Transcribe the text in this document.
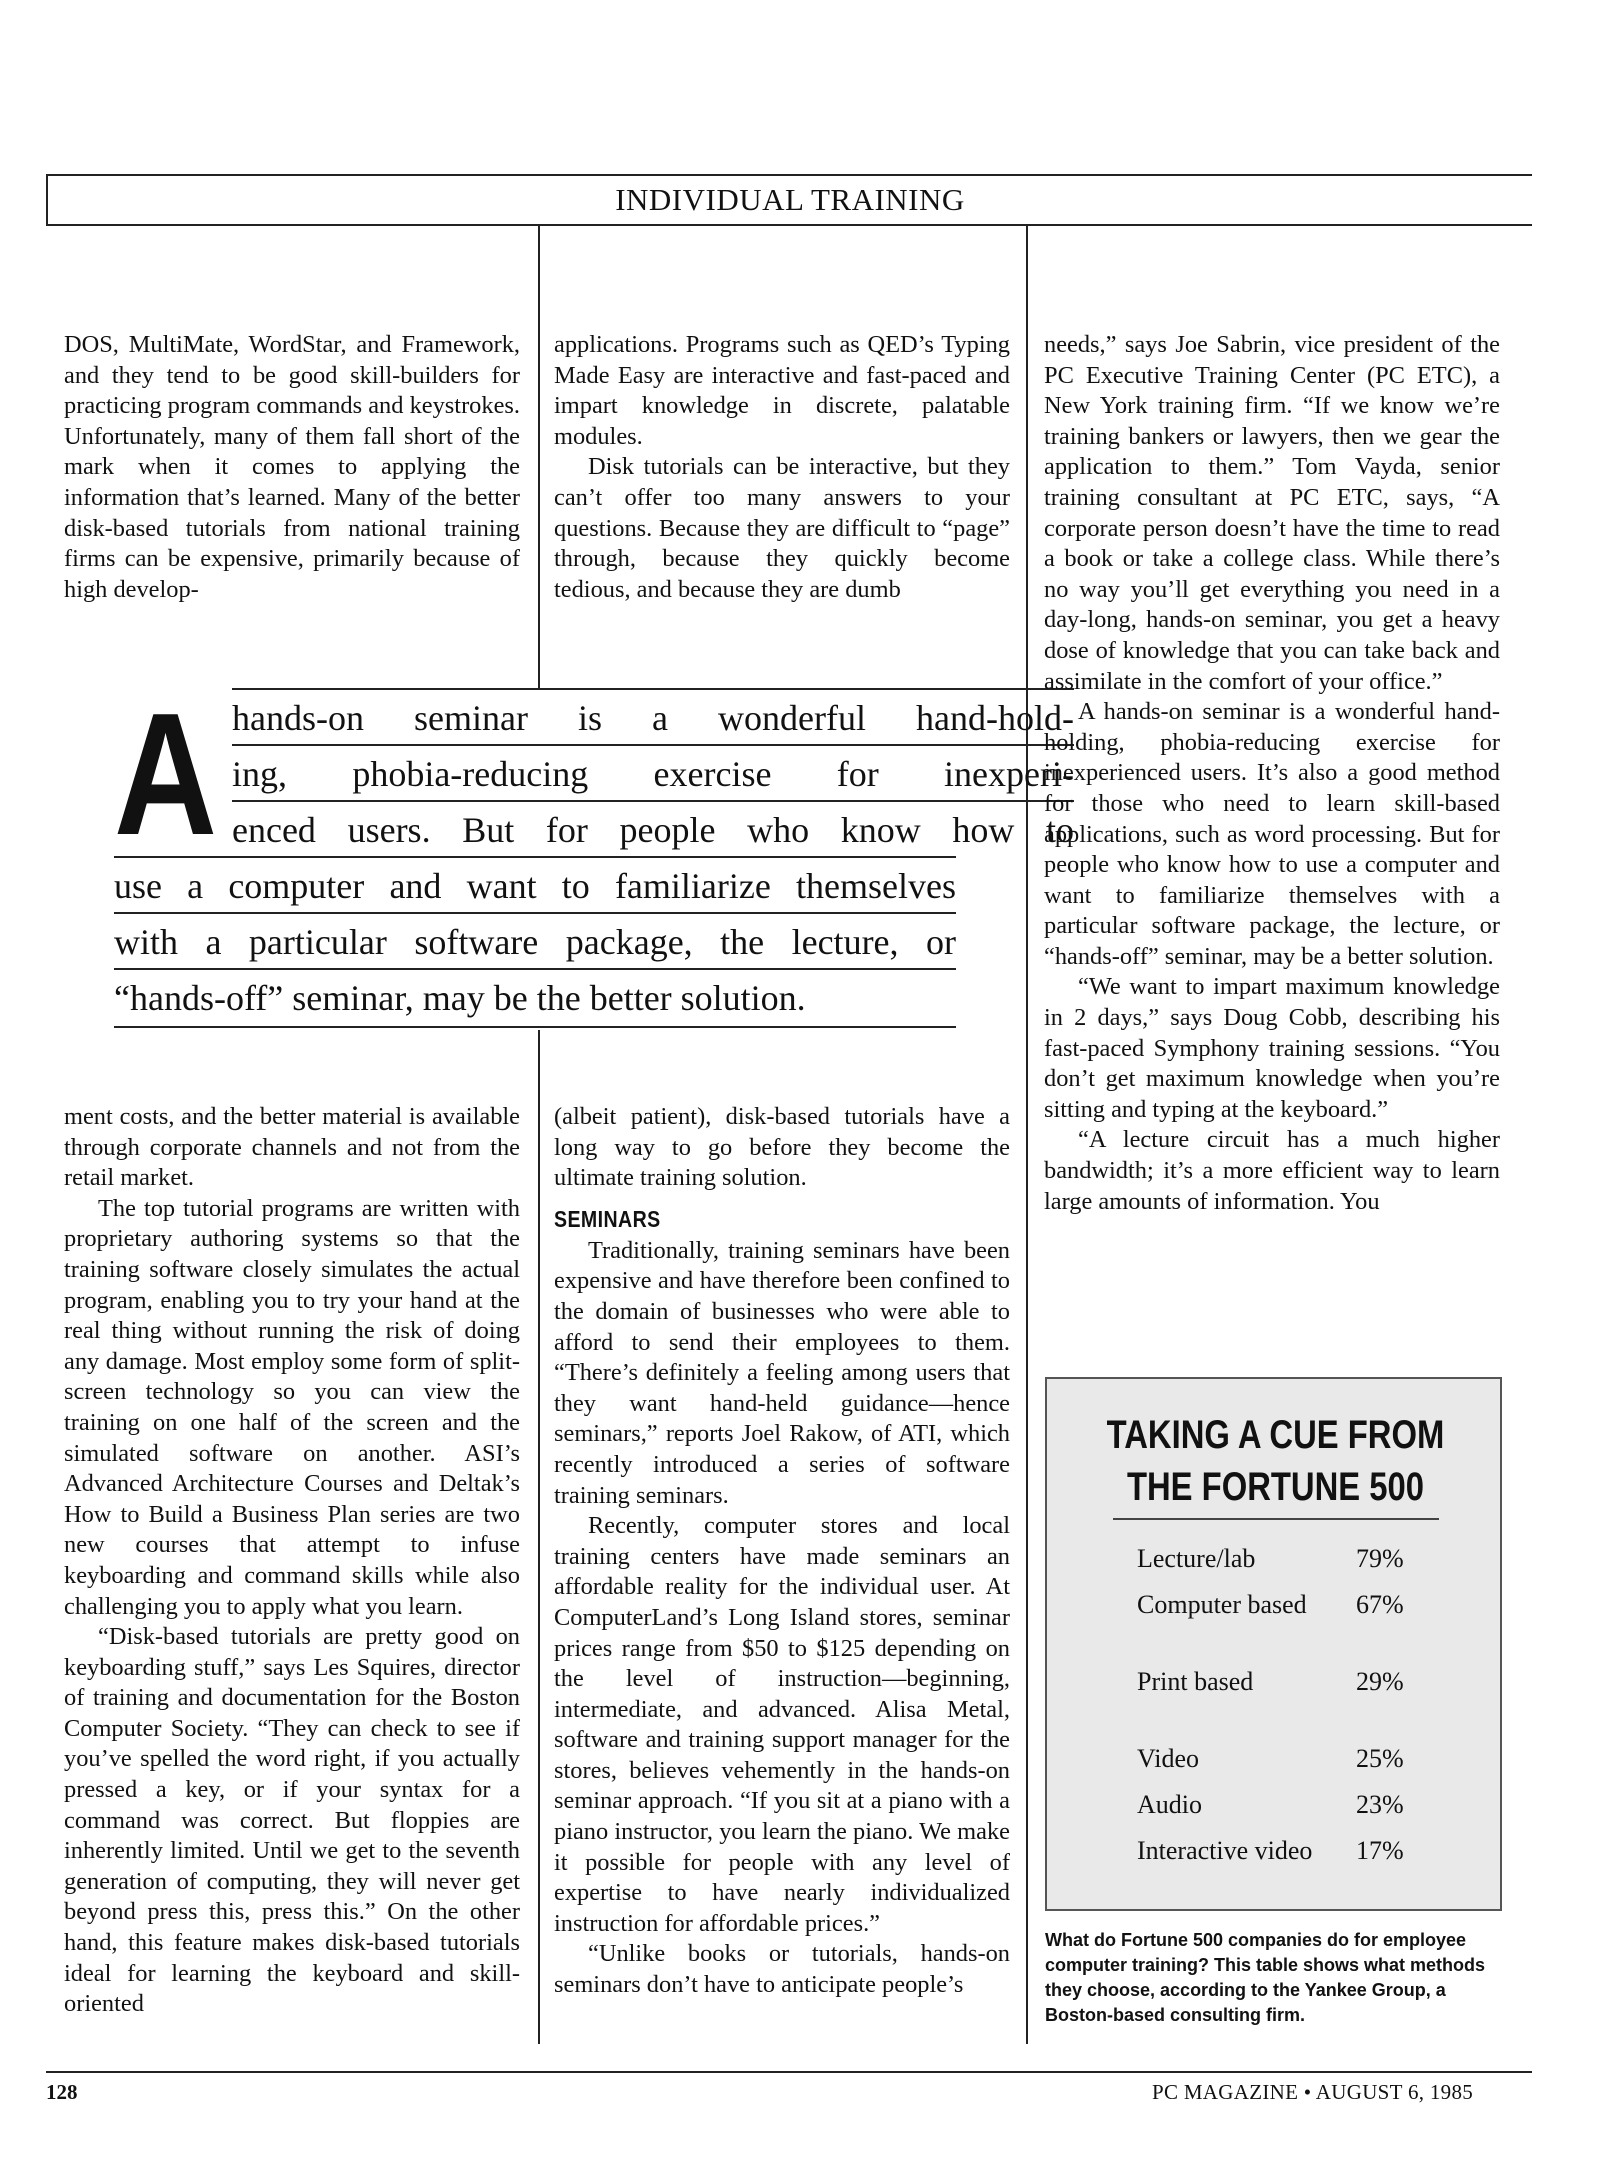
INDIVIDUAL TRAINING

DOS, MultiMate, WordStar, and Framework, and they tend to be good skill-builders for practicing program commands and keystrokes. Unfortunately, many of them fall short of the mark when it comes to applying the information that’s learned. Many of the better disk-based tutorials from national training firms can be expensive, primarily because of high develop-

applications. Programs such as QED’s Typing Made Easy are interactive and fast-paced and impart knowledge in discrete, palatable modules.

Disk tutorials can be interactive, but they can’t offer too many answers to your questions. Because they are difficult to “page” through, because they quickly become tedious, and because they are dumb

A hands-on seminar is a wonderful hand-hold-
ing, phobia-reducing exercise for inexperi-
enced users. But for people who know how to
use a computer and want to familiarize themselves
with a particular software package, the lecture, or
“hands-off” seminar, may be the better solution.

ment costs, and the better material is available through corporate channels and not from the retail market.

The top tutorial programs are written with proprietary authoring systems so that the training software closely simulates the actual program, enabling you to try your hand at the real thing without running the risk of doing any damage. Most employ some form of split-screen technology so you can view the training on one half of the screen and the simulated software on another. ASI’s Advanced Architecture Courses and Deltak’s How to Build a Business Plan series are two new courses that attempt to infuse keyboarding and command skills while also challenging you to apply what you learn.

“Disk-based tutorials are pretty good on keyboarding stuff,” says Les Squires, director of training and documentation for the Boston Computer Society. “They can check to see if you’ve spelled the word right, if you actually pressed a key, or if your syntax for a command was correct. But floppies are inherently limited. Until we get to the seventh generation of computing, they will never get beyond press this, press this.” On the other hand, this feature makes disk-based tutorials ideal for learning the keyboard and skill-oriented

(albeit patient), disk-based tutorials have a long way to go before they become the ultimate training solution.

SEMINARS

Traditionally, training seminars have been expensive and have therefore been confined to the domain of businesses who were able to afford to send their employees to them. “There’s definitely a feeling among users that they want hand-held guidance—hence seminars,” reports Joel Rakow, of ATI, which recently introduced a series of software training seminars.

Recently, computer stores and local training centers have made seminars an affordable reality for the individual user. At ComputerLand’s Long Island stores, seminar prices range from $50 to $125 depending on the level of instruction—beginning, intermediate, and advanced. Alisa Metal, software and training support manager for the stores, believes vehemently in the hands-on seminar approach. “If you sit at a piano with a piano instructor, you learn the piano. We make it possible for people with any level of expertise to have nearly individualized instruction for affordable prices.”

“Unlike books or tutorials, hands-on seminars don’t have to anticipate people’s

needs,” says Joe Sabrin, vice president of the PC Executive Training Center (PC ETC), a New York training firm. “If we know we’re training bankers or lawyers, then we gear the application to them.” Tom Vayda, senior training consultant at PC ETC, says, “A corporate person doesn’t have the time to read a book or take a college class. While there’s no way you’ll get everything you need in a day-long, hands-on seminar, you get a heavy dose of knowledge that you can take back and assimilate in the comfort of your office.”

A hands-on seminar is a wonderful hand-holding, phobia-reducing exercise for inexperienced users. It’s also a good method for those who need to learn skill-based applications, such as word processing. But for people who know how to use a computer and want to familiarize themselves with a particular software package, the lecture, or “hands-off” seminar, may be a better solution.

“We want to impart maximum knowledge in 2 days,” says Doug Cobb, describing his fast-paced Symphony training sessions. “You don’t get maximum knowledge when you’re sitting and typing at the keyboard.”

“A lecture circuit has a much higher bandwidth; it’s a more efficient way to learn large amounts of information. You

TAKING A CUE FROM
THE FORTUNE 500
Lecture/lab	79%
Computer based	67%
Print based	29%
Video	25%
Audio	23%
Interactive video	17%
What do Fortune 500 companies do for employee computer training? This table shows what methods they choose, according to the Yankee Group, a Boston-based consulting firm.
128	PC MAGAZINE • AUGUST 6, 1985
